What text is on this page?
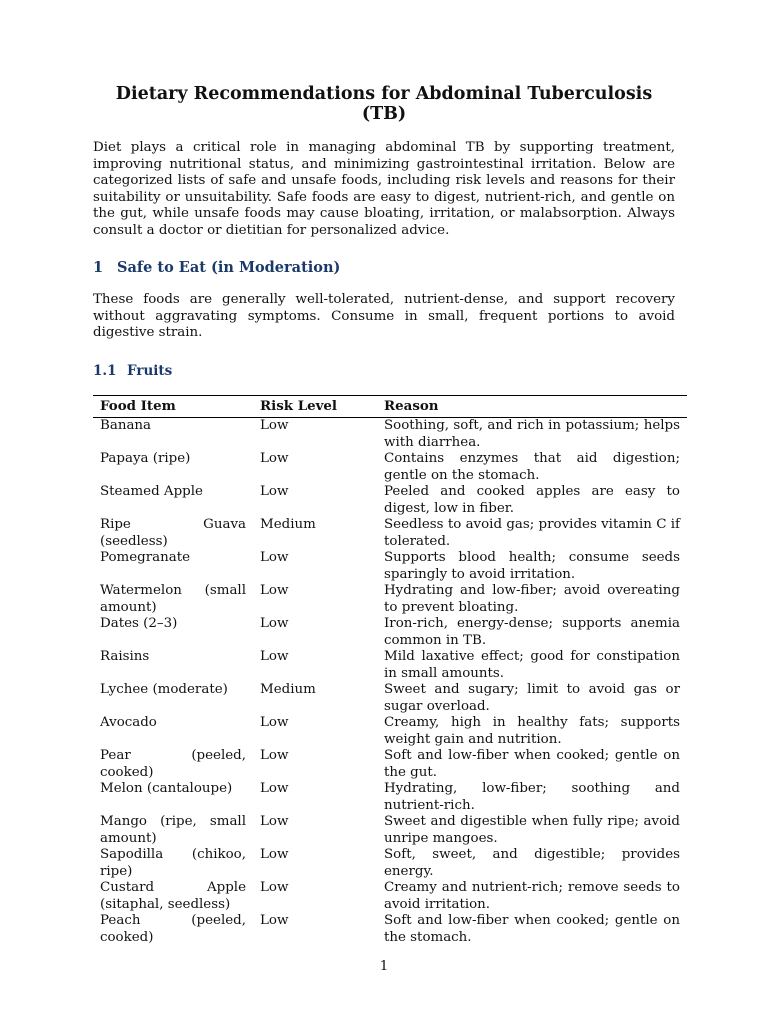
Dietary Recommendations for Abdominal Tuberculosis (TB)

Diet plays a critical role in managing abdominal TB by supporting treatment, improving nutritional status, and minimizing gastrointestinal irritation. Below are categorized lists of safe and unsafe foods, including risk levels and reasons for their suitability or unsuitability. Safe foods are easy to digest, nutrient-rich, and gentle on the gut, while unsafe foods may cause bloating, irritation, or malabsorption. Always consult a doctor or dietitian for personalized advice.

1 Safe to Eat (in Moderation)

These foods are generally well-tolerated, nutrient-dense, and support recovery without aggravating symptoms. Consume in small, frequent portions to avoid digestive strain.

1.1 Fruits
Food Item	Risk Level	Reason
Banana	Low	Soothing, soft, and rich in potassium; helps with diarrhea.
Papaya (ripe)	Low	Contains enzymes that aid digestion; gentle on the stomach.
Steamed Apple	Low	Peeled and cooked apples are easy to digest, low in fiber.
Ripe Guava (seedless)	Medium	Seedless to avoid gas; provides vitamin C if tolerated.
Pomegranate	Low	Supports blood health; consume seeds sparingly to avoid irritation.
Watermelon (small amount)	Low	Hydrating and low-fiber; avoid overeating to prevent bloating.
Dates (2–3)	Low	Iron-rich, energy-dense; supports anemia common in TB.
Raisins	Low	Mild laxative effect; good for constipation in small amounts.
Lychee (moderate)	Medium	Sweet and sugary; limit to avoid gas or sugar overload.
Avocado	Low	Creamy, high in healthy fats; supports weight gain and nutrition.
Pear (peeled, cooked)	Low	Soft and low-fiber when cooked; gentle on the gut.
Melon (cantaloupe)	Low	Hydrating, low-fiber; soothing and nutrient-rich.
Mango (ripe, small amount)	Low	Sweet and digestible when fully ripe; avoid unripe mangoes.
Sapodilla (chikoo, ripe)	Low	Soft, sweet, and digestible; provides energy.
Custard Apple (sitaphal, seedless)	Low	Creamy and nutrient-rich; remove seeds to avoid irritation.
Peach (peeled, cooked)	Low	Soft and low-fiber when cooked; gentle on the stomach.
1
